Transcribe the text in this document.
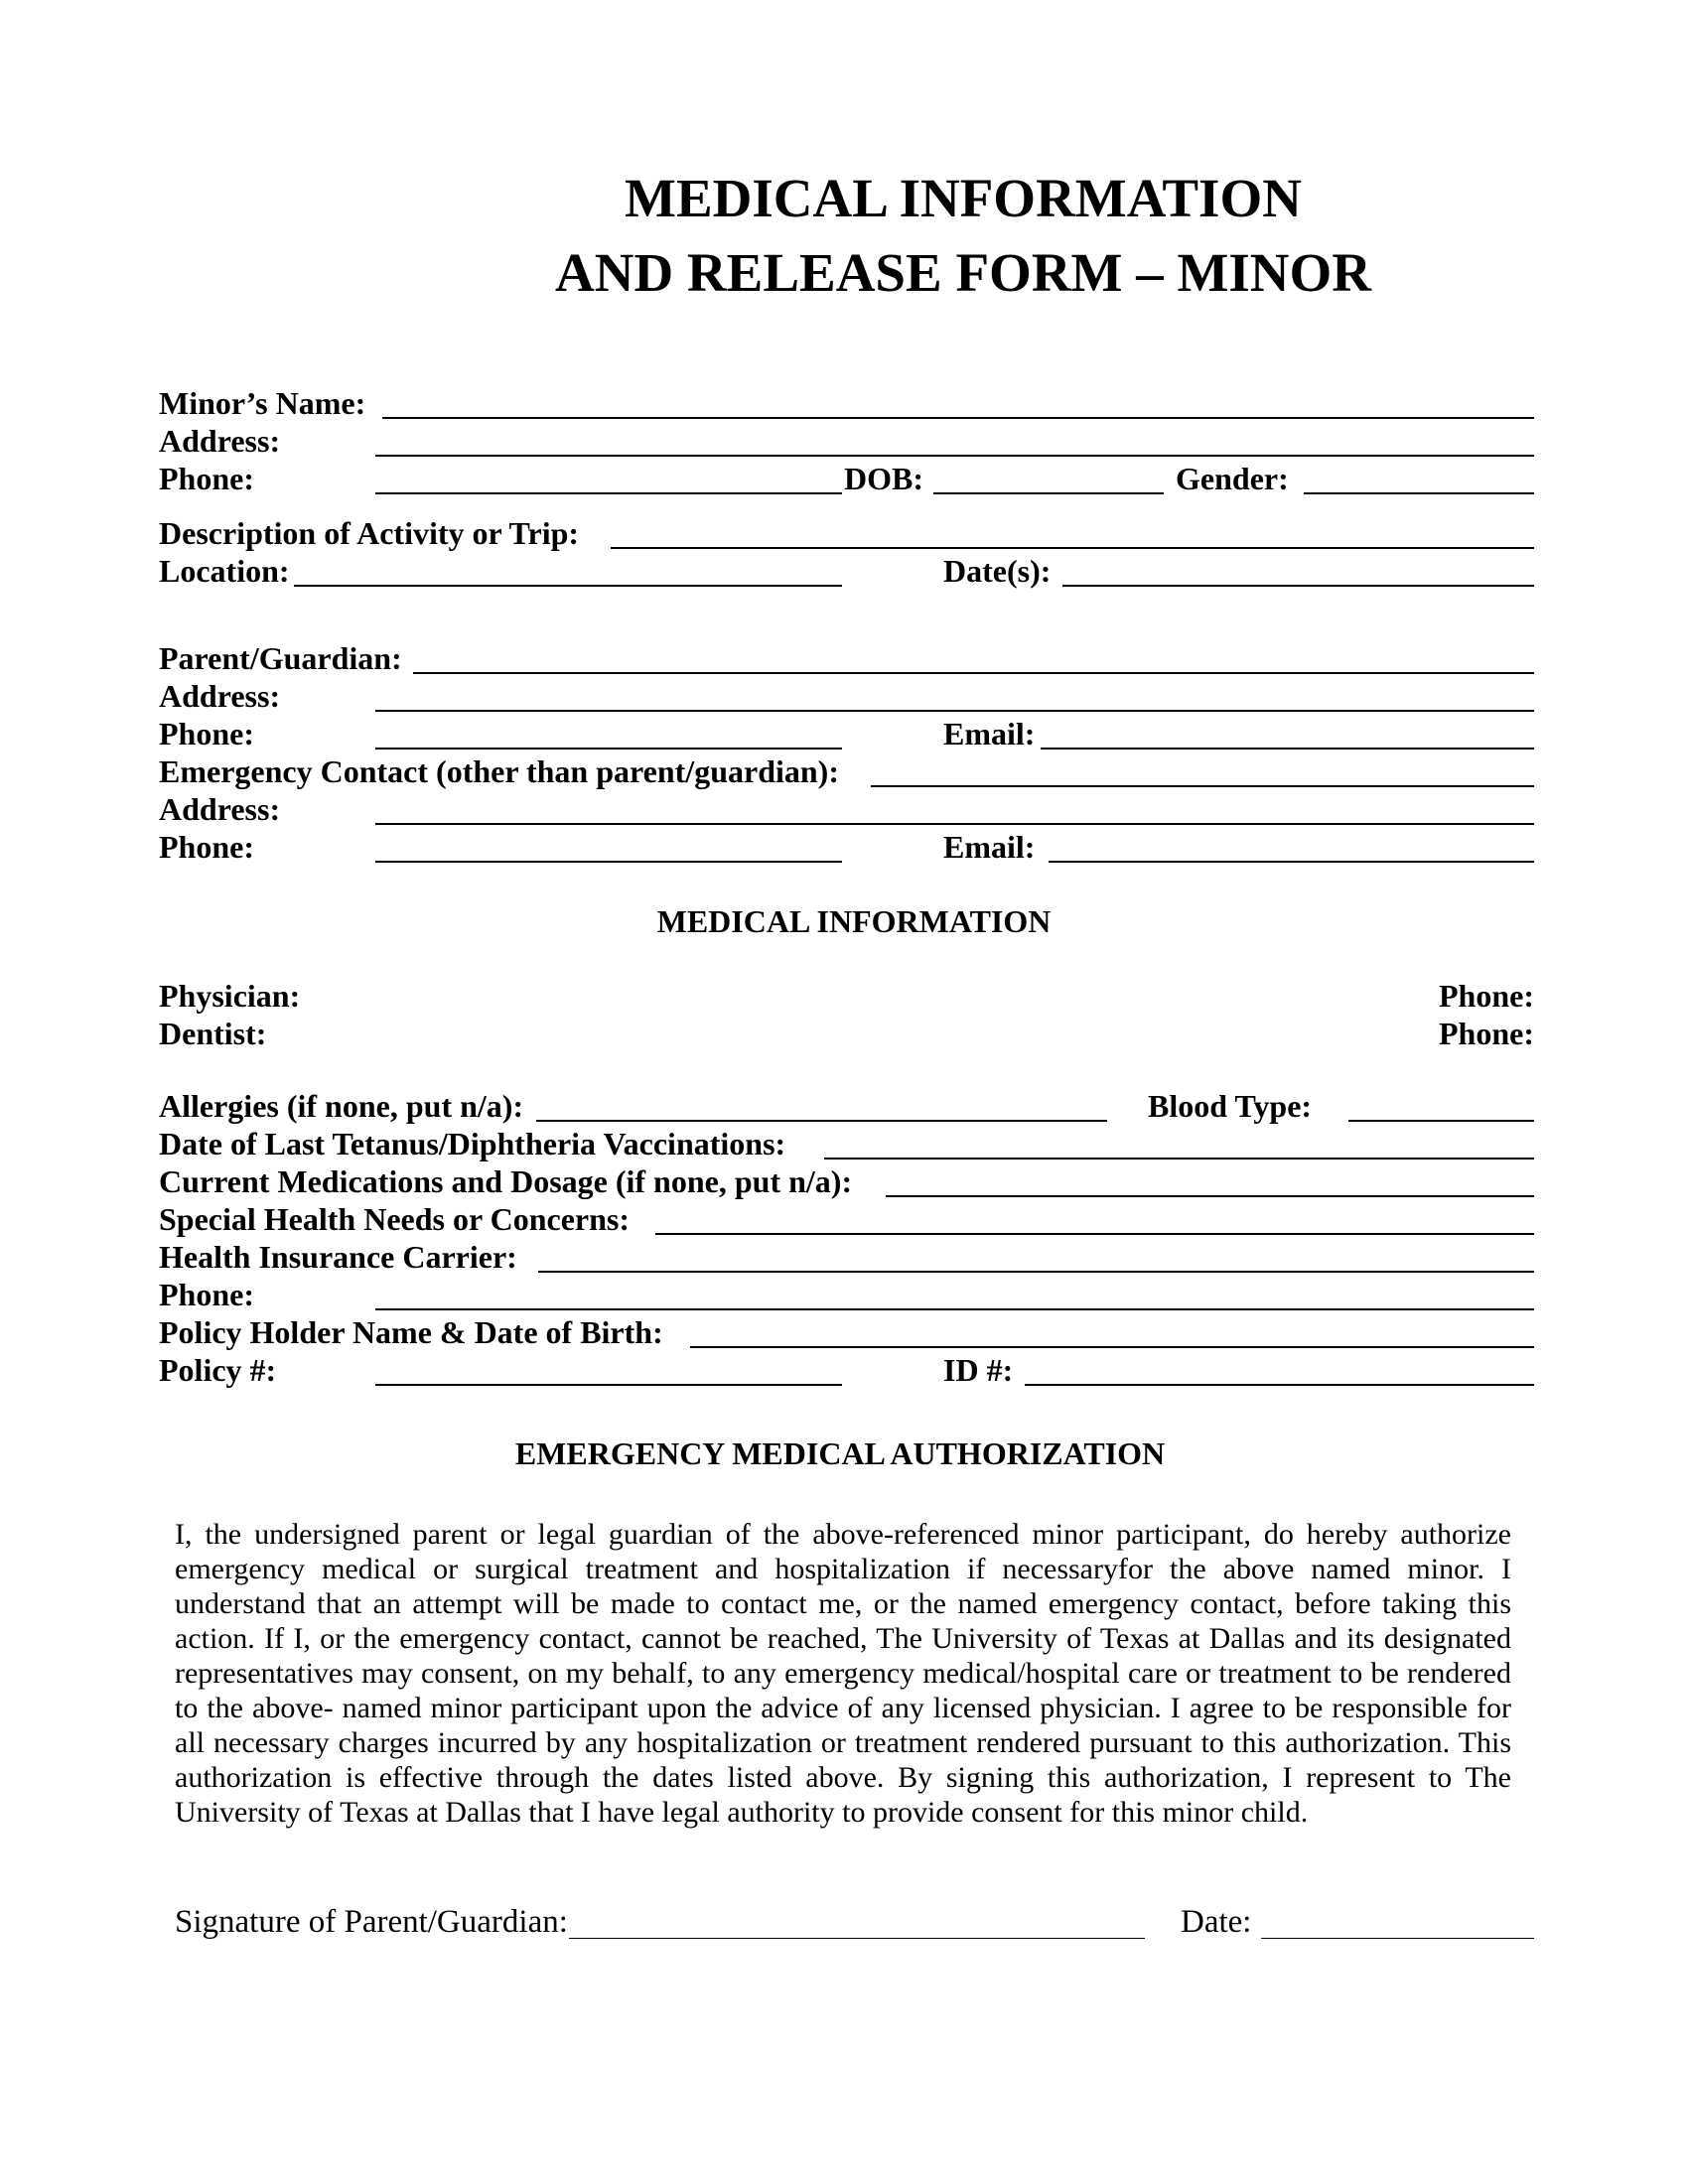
MEDICAL INFORMATION
AND RELEASE FORM – MINOR
Minor’s Name:
Address:
Phone:	DOB:	Gender:
Description of Activity or Trip:
Location:	Date(s):
Parent/Guardian:
Address:
Phone:	Email:
Emergency Contact (other than parent/guardian):
Address:
Phone:	Email:
MEDICAL INFORMATION
Physician:	Phone:
Dentist:	Phone:
Allergies (if none, put n/a):	Blood Type:
Date of Last Tetanus/Diphtheria Vaccinations:
Current Medications and Dosage (if none, put n/a):
Special Health Needs or Concerns:
Health Insurance Carrier:
Phone:
Policy Holder Name & Date of Birth:
Policy #:	ID #:
EMERGENCY MEDICAL AUTHORIZATION
I, the undersigned parent or legal guardian of the above-referenced minor participant, do hereby authorize emergency medical or surgical treatment and hospitalization if necessaryfor the above named minor. I understand that an attempt will be made to contact me, or the named emergency contact, before taking this action. If I, or the emergency contact, cannot be reached, The University of Texas at Dallas and its designated representatives may consent, on my behalf, to any emergency medical/hospital care or treatment to be rendered to the above- named minor participant upon the advice of any licensed physician. I agree to be responsible for all necessary charges incurred by any hospitalization or treatment rendered pursuant to this authorization. This authorization is effective through the dates listed above. By signing this authorization, I represent to The University of Texas at Dallas that I have legal authority to provide consent for this minor child.
Signature of Parent/Guardian:	Date:
